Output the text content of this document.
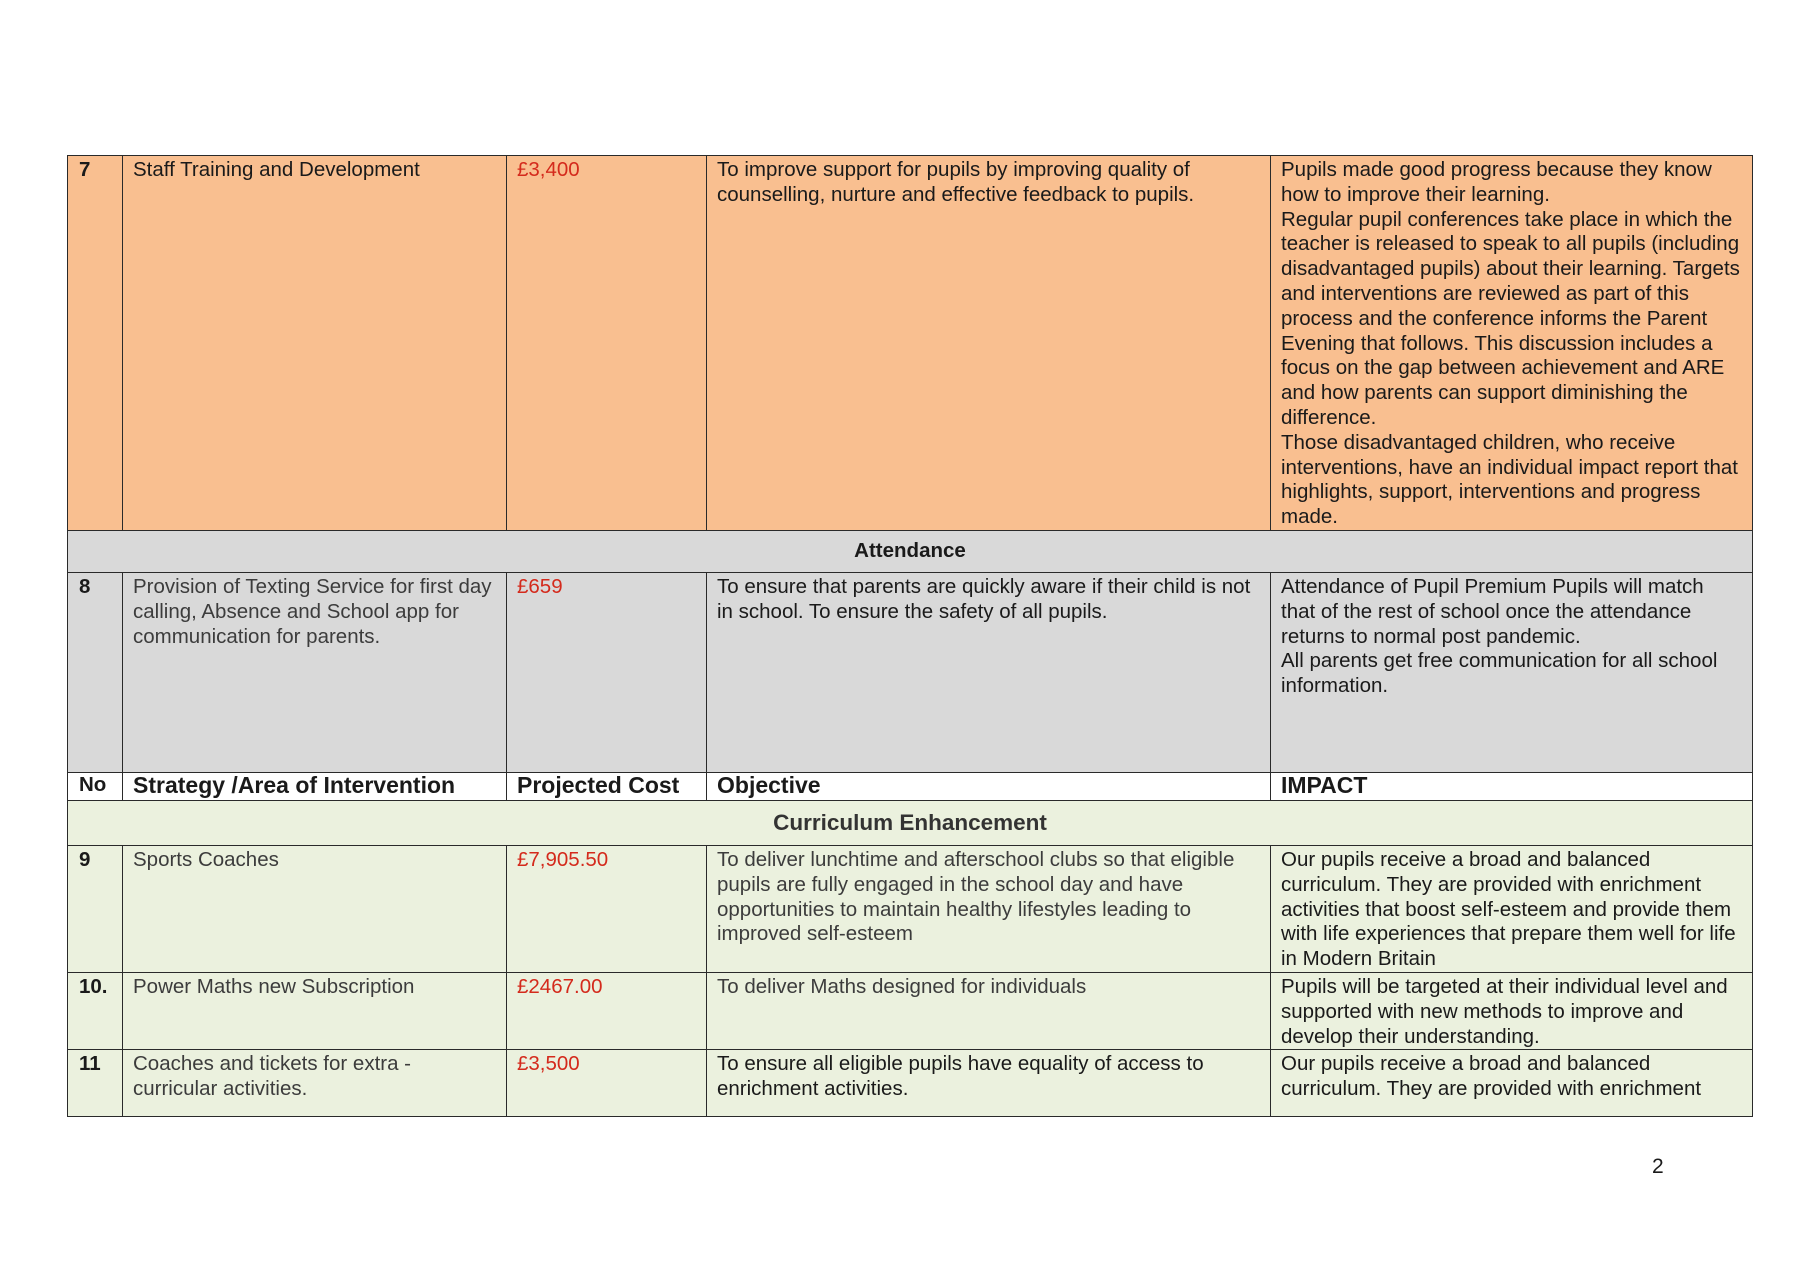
7	Staff Training and Development	£3,400	To improve support for pupils by improving quality of counselling, nurture and effective feedback to pupils.	Pupils made good progress because they know how to improve their learning.
Regular pupil conferences take place in which the teacher is released to speak to all pupils (including disadvantaged pupils) about their learning. Targets and interventions are reviewed as part of this process and the conference informs the Parent Evening that follows. This discussion includes a focus on the gap between achievement and ARE and how parents can support diminishing the difference.
Those disadvantaged children, who receive interventions, have an individual impact report that highlights, support, interventions and progress made.

Attendance				
8	Provision of Texting Service for first day calling, Absence and School app for communication for parents.	£659	To ensure that parents are quickly aware if their child is not in school. To ensure the safety of all pupils.	Attendance of Pupil Premium Pupils will match that of the rest of school once the attendance returns to normal post pandemic.
All parents get free communication for all school information.

No	Strategy /Area of Intervention	Projected Cost	Objective	IMPACT
Curriculum Enhancement				
9	Sports Coaches	£7,905.50	To deliver lunchtime and afterschool clubs so that eligible pupils are fully engaged in the school day and have opportunities to maintain healthy lifestyles leading to improved self-esteem	Our pupils receive a broad and balanced curriculum. They are provided with enrichment activities that boost self-esteem and provide them with life experiences that prepare them well for life in Modern Britain
10.	Power Maths new Subscription	£2467.00	To deliver Maths designed for individuals	Pupils will be targeted at their individual level and supported with new methods to improve and develop their understanding.
11	Coaches and tickets for extra - curricular activities.	£3,500	To ensure all eligible pupils have equality of access to enrichment activities.	Our pupils receive a broad and balanced curriculum. They are provided with enrichment
2
